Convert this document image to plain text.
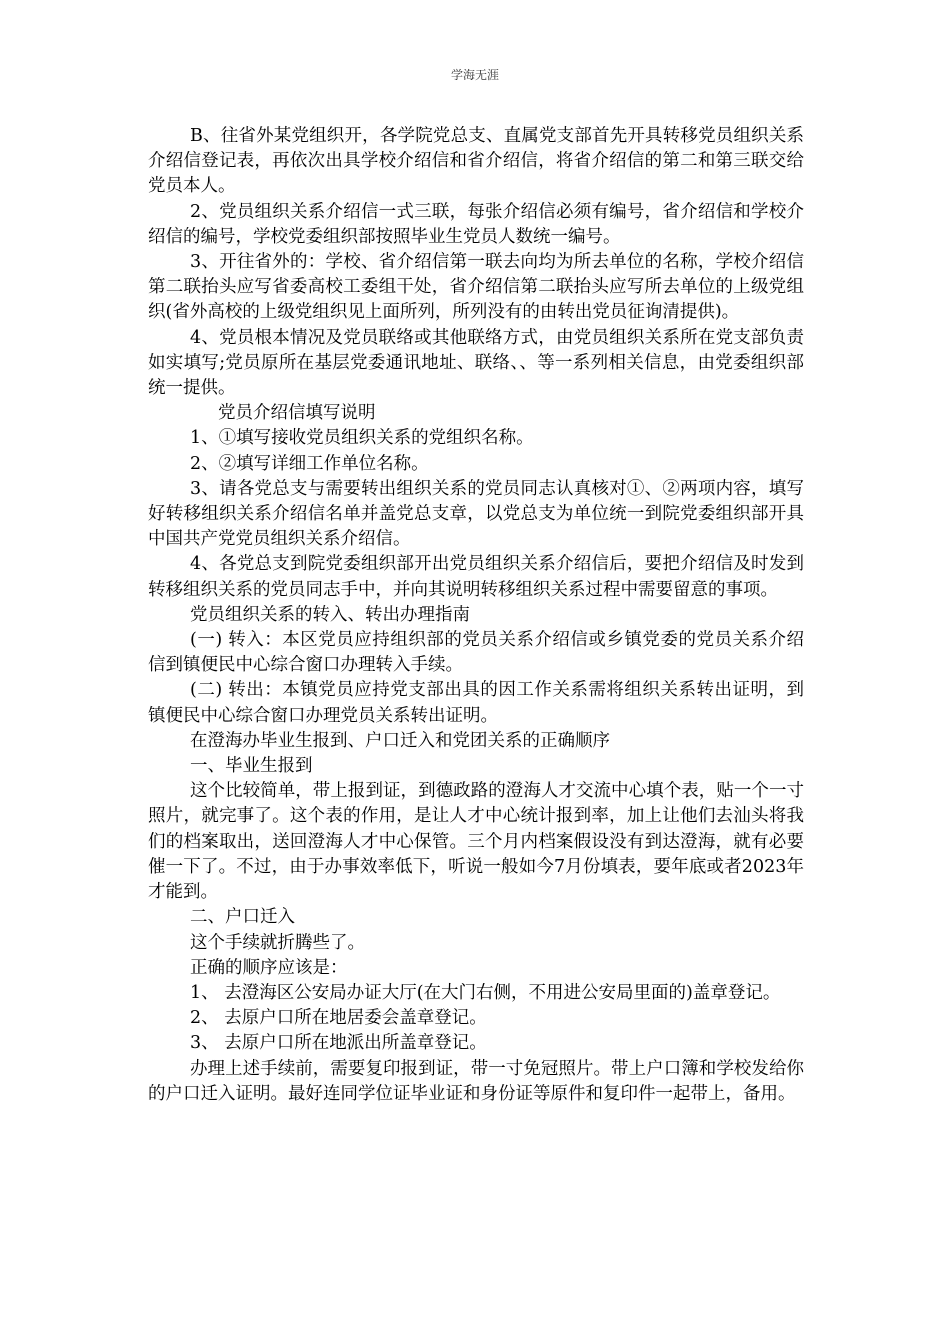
学海无涯

B、往省外某党组织开，各学院党总支、直属党支部首先开具转移党员组织关系介绍信登记表，再依次出具学校介绍信和省介绍信，将省介绍信的第二和第三联交给党员本人。

2、党员组织关系介绍信一式三联，每张介绍信必须有编号，省介绍信和学校介绍信的编号，学校党委组织部按照毕业生党员人数统一编号。

3、开往省外的：学校、省介绍信第一联去向均为所去单位的名称，学校介绍信第二联抬头应写省委高校工委组干处，省介绍信第二联抬头应写所去单位的上级党组织(省外高校的上级党组织见上面所列，所列没有的由转出党员征询清提供)。

4、党员根本情况及党员联络或其他联络方式，由党员组织关系所在党支部负责如实填写;党员原所在基层党委通讯地址、联络、、等一系列相关信息，由党委组织部统一提供。

党员介绍信填写说明

1、①填写接收党员组织关系的党组织名称。

2、②填写详细工作单位名称。

3、请各党总支与需要转出组织关系的党员同志认真核对①、②两项内容，填写好转移组织关系介绍信名单并盖党总支章，以党总支为单位统一到院党委组织部开具中国共产党党员组织关系介绍信。

4、各党总支到院党委组织部开出党员组织关系介绍信后，要把介绍信及时发到转移组织关系的党员同志手中，并向其说明转移组织关系过程中需要留意的事项。

党员组织关系的转入、转出办理指南

(一) 转入：本区党员应持组织部的党员关系介绍信或乡镇党委的党员关系介绍信到镇便民中心综合窗口办理转入手续。

(二) 转出：本镇党员应持党支部出具的因工作关系需将组织关系转出证明，到镇便民中心综合窗口办理党员关系转出证明。

在澄海办毕业生报到、户口迁入和党团关系的正确顺序

一、毕业生报到

这个比较简单，带上报到证，到德政路的澄海人才交流中心填个表，贴一个一寸照片，就完事了。这个表的作用，是让人才中心统计报到率，加上让他们去汕头将我们的档案取出，送回澄海人才中心保管。三个月内档案假设没有到达澄海，就有必要催一下了。不过，由于办事效率低下，听说一般如今7月份填表，要年底或者2023年才能到。

二、户口迁入

这个手续就折腾些了。

正确的顺序应该是：

1、 去澄海区公安局办证大厅(在大门右侧，不用进公安局里面的)盖章登记。

2、 去原户口所在地居委会盖章登记。

3、 去原户口所在地派出所盖章登记。

办理上述手续前，需要复印报到证，带一寸免冠照片。带上户口簿和学校发给你的户口迁入证明。最好连同学位证毕业证和身份证等原件和复印件一起带上，备用。
